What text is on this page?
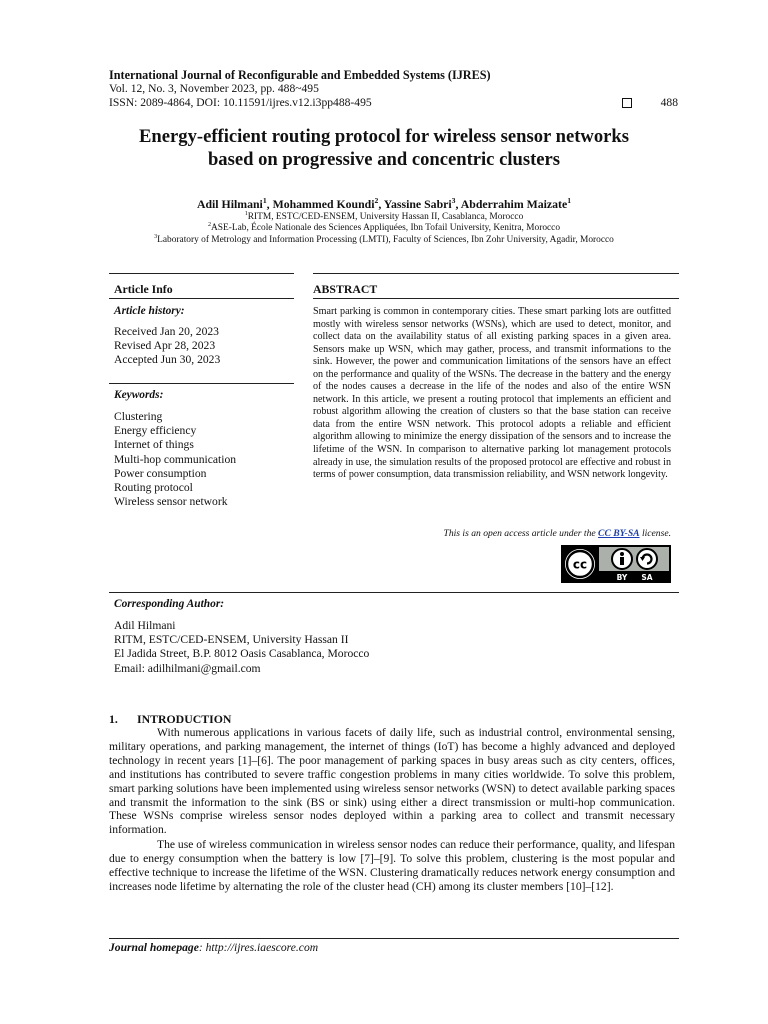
International Journal of Reconfigurable and Embedded Systems (IJRES)
Vol. 12, No. 3, November 2023, pp. 488~495
ISSN: 2089-4864, DOI: 10.11591/ijres.v12.i3pp488-495	488
Energy-efficient routing protocol for wireless sensor networks
based on progressive and concentric clusters
Adil Hilmani$^1$, Mohammed Koundi$^2$, Yassine Sabri$^3$, Abderrahim Maizate$^1$
$^1$RITM, ESTC/CED-ENSEM, University Hassan II, Casablanca, Morocco
$^2$ASE-Lab, École Nationale des Sciences Appliquées, Ibn Tofail University, Kenitra, Morocco
$^3$Laboratory of Metrology and Information Processing (LMTI), Faculty of Sciences, Ibn Zohr University, Agadir, Morocco
Article Info
Article history:
Received Jan 20, 2023
Revised Apr 28, 2023
Accepted Jun 30, 2023
Keywords:
Clustering
Energy efficiency
Internet of things
Multi-hop communication
Power consumption
Routing protocol
Wireless sensor network
ABSTRACT
Smart parking is common in contemporary cities. These smart parking lots are outfitted mostly with wireless sensor networks (WSNs), which are used to detect, monitor, and collect data on the availability status of all existing parking spaces in a given area. Sensors make up WSN, which may gather, process, and transmit informations to the sink. However, the power and communication limitations of the sensors have an effect on the performance and quality of the WSNs. The decrease in the battery and the energy of the nodes causes a decrease in the life of the nodes and also of the entire WSN network. In this article, we present a routing protocol that implements an efficient and robust algorithm allowing the creation of clusters so that the base station can receive data from the entire WSN network. This protocol adopts a reliable and efficient algorithm allowing to minimize the energy dissipation of the sensors and to increase the lifetime of the WSN. In comparison to alternative parking lot management protocols already in use, the simulation results of the proposed protocol are effective and robust in terms of power consumption, data transmission reliability, and WSN network longevity.
This is an open access article under the CC BY-SA license.
cc
BY SA
Corresponding Author:
Adil Hilmani
RITM, ESTC/CED-ENSEM, University Hassan II
El Jadida Street, B.P. 8012 Oasis Casablanca, Morocco
Email: adilhilmani@gmail.com
1. INTRODUCTION
With numerous applications in various facets of daily life, such as industrial control, environmental sensing, military operations, and parking management, the internet of things (IoT) has become a highly advanced and deployed technology in recent years [1]–[6]. The poor management of parking spaces in busy areas such as city centers, offices, and institutions has contributed to severe traffic congestion problems in many cities worldwide. To solve this problem, smart parking solutions have been implemented using wireless sensor networks (WSN) to detect available parking spaces and transmit the information to the sink (BS or sink) using either a direct transmission or multi-hop communication. These WSNs comprise wireless sensor nodes deployed within a parking area to collect and transmit necessary information.
The use of wireless communication in wireless sensor nodes can reduce their performance, quality, and lifespan due to energy consumption when the battery is low [7]–[9]. To solve this problem, clustering is the most popular and effective technique to increase the lifetime of the WSN. Clustering dramatically reduces network energy consumption and increases node lifetime by alternating the role of the cluster head (CH) among its cluster members [10]–[12].
Journal homepage: http://ijres.iaescore.com
